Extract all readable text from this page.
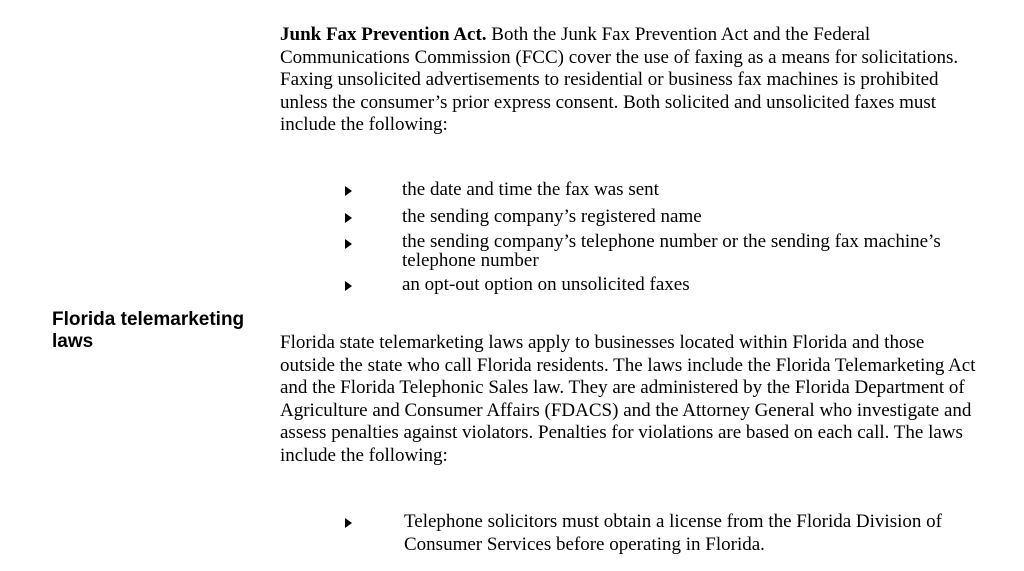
Junk Fax Prevention Act. Both the Junk Fax Prevention Act and the Federal Communications Commission (FCC) cover the use of faxing as a means for solicitations. Faxing unsolicited advertisements to residential or business fax machines is prohibited unless the consumer’s prior express consent. Both solicited and unsolicited faxes must include the following:

the date and time the fax was sent
the sending company’s registered name
the sending company’s telephone number or the sending fax machine’s telephone number
an opt-out option on unsolicited faxes
Florida telemarketing laws	Florida state telemarketing laws apply to businesses located within Florida and those outside the state who call Florida residents. The laws include the Florida Telemarketing Act and the Florida Telephonic Sales law. They are administered by the Florida Department of Agriculture and Consumer Affairs (FDACS) and the Attorney General who investigate and assess penalties against violators. Penalties for violations are based on each call. The laws include the following:

Telephone solicitors must obtain a license from the Florida Division of Consumer Services before operating in Florida.
